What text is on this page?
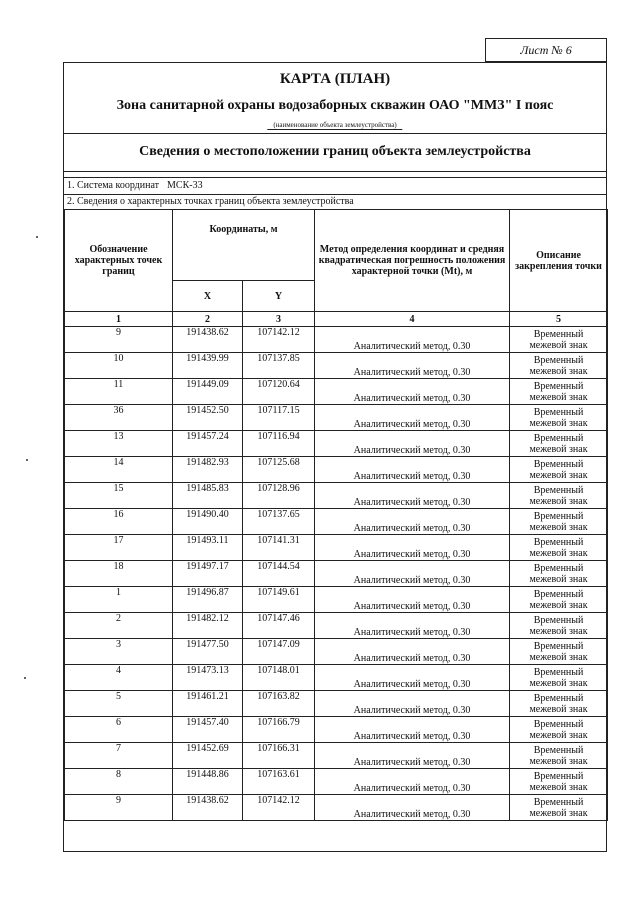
Лист № 6
КАРТА (ПЛАН)
Зона санитарной охраны водозаборных скважин ОАО "ММЗ" I пояс
(наименование объекта землеустройства)
Сведения о местоположении границ объекта землеустройства
1. Система координат МСК-33
2. Сведения о характерных точках границ объекта землеустройства
Обозначение характерных точек границ	Координаты, м		Метод определения координат и средняя квадратическая погрешность положения характерной точки (Mt), м	Описание закрепления точки
	X	Y		
1	2	3	4	5
9	191438.62	107142.12	Аналитический метод, 0.30	Временный
межевой знак

10	191439.99	107137.85	Аналитический метод, 0.30	Временный
межевой знак

11	191449.09	107120.64	Аналитический метод, 0.30	Временный
межевой знак

36	191452.50	107117.15	Аналитический метод, 0.30	Временный
межевой знак

13	191457.24	107116.94	Аналитический метод, 0.30	Временный
межевой знак

14	191482.93	107125.68	Аналитический метод, 0.30	Временный
межевой знак

15	191485.83	107128.96	Аналитический метод, 0.30	Временный
межевой знак

16	191490.40	107137.65	Аналитический метод, 0.30	Временный
межевой знак

17	191493.11	107141.31	Аналитический метод, 0.30	Временный
межевой знак

18	191497.17	107144.54	Аналитический метод, 0.30	Временный
межевой знак

1	191496.87	107149.61	Аналитический метод, 0.30	Временный
межевой знак

2	191482.12	107147.46	Аналитический метод, 0.30	Временный
межевой знак

3	191477.50	107147.09	Аналитический метод, 0.30	Временный
межевой знак

4	191473.13	107148.01	Аналитический метод, 0.30	Временный
межевой знак

5	191461.21	107163.82	Аналитический метод, 0.30	Временный
межевой знак

6	191457.40	107166.79	Аналитический метод, 0.30	Временный
межевой знак

7	191452.69	107166.31	Аналитический метод, 0.30	Временный
межевой знак

8	191448.86	107163.61	Аналитический метод, 0.30	Временный
межевой знак

9	191438.62	107142.12	Аналитический метод, 0.30	Временный
межевой знак
